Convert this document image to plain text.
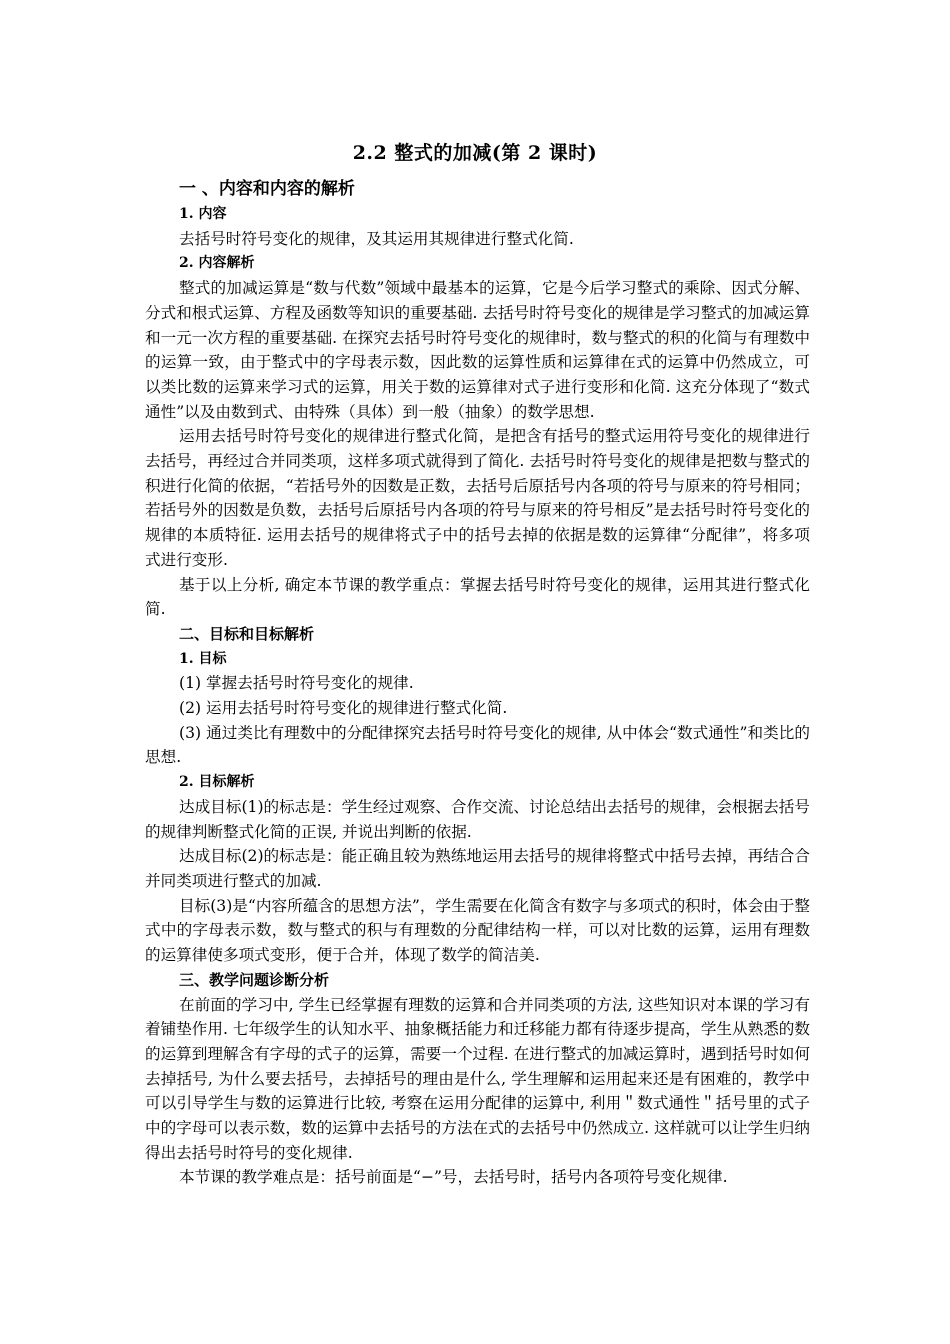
2.2 整式的加减(第 2 课时)
一 、内容和内容的解析
1. 内容

去括号时符号变化的规律，及其运用其规律进行整式化简.

2. 内容解析

整式的加减运算是“数与代数”领域中最基本的运算，它是今后学习整式的乘除、因式分解、分式和根式运算、方程及函数等知识的重要基础. 去括号时符号变化的规律是学习整式的加减运算和一元一次方程的重要基础. 在探究去括号时符号变化的规律时，数与整式的积的化简与有理数中的运算一致，由于整式中的字母表示数，因此数的运算性质和运算律在式的运算中仍然成立，可以类比数的运算来学习式的运算，用关于数的运算律对式子进行变形和化简. 这充分体现了“数式通性”以及由数到式、由特殊（具体）到一般（抽象）的数学思想.

运用去括号时符号变化的规律进行整式化简，是把含有括号的整式运用符号变化的规律进行去括号，再经过合并同类项，这样多项式就得到了简化. 去括号时符号变化的规律是把数与整式的积进行化简的依据，“若括号外的因数是正数，去括号后原括号内各项的符号与原来的符号相同；若括号外的因数是负数，去括号后原括号内各项的符号与原来的符号相反”是去括号时符号变化的规律的本质特征. 运用去括号的规律将式子中的括号去掉的依据是数的运算律“分配律”，将多项式进行变形.

基于以上分析, 确定本节课的教学重点：掌握去括号时符号变化的规律，运用其进行整式化简.

二、目标和目标解析
1. 目标

(1) 掌握去括号时符号变化的规律.

(2) 运用去括号时符号变化的规律进行整式化简.

(3) 通过类比有理数中的分配律探究去括号时符号变化的规律, 从中体会“数式通性”和类比的思想.

2. 目标解析

达成目标(1)的标志是：学生经过观察、合作交流、讨论总结出去括号的规律，会根据去括号的规律判断整式化简的正误, 并说出判断的依据.

达成目标(2)的标志是：能正确且较为熟练地运用去括号的规律将整式中括号去掉，再结合合并同类项进行整式的加减.

目标(3)是“内容所蕴含的思想方法”，学生需要在化简含有数字与多项式的积时，体会由于整式中的字母表示数，数与整式的积与有理数的分配律结构一样，可以对比数的运算，运用有理数的运算律使多项式变形，便于合并，体现了数学的简洁美.

三、教学问题诊断分析

在前面的学习中, 学生已经掌握有理数的运算和合并同类项的方法, 这些知识对本课的学习有着铺垫作用. 七年级学生的认知水平、抽象概括能力和迁移能力都有待逐步提高，学生从熟悉的数的运算到理解含有字母的式子的运算，需要一个过程. 在进行整式的加减运算时，遇到括号时如何去掉括号, 为什么要去括号，去掉括号的理由是什么, 学生理解和运用起来还是有困难的，教学中可以引导学生与数的运算进行比较, 考察在运用分配律的运算中, 利用＂数式通性＂括号里的式子中的字母可以表示数，数的运算中去括号的方法在式的去括号中仍然成立. 这样就可以让学生归纳得出去括号时符号的变化规律.

本节课的教学难点是：括号前面是“−”号，去括号时，括号内各项符号变化规律.
